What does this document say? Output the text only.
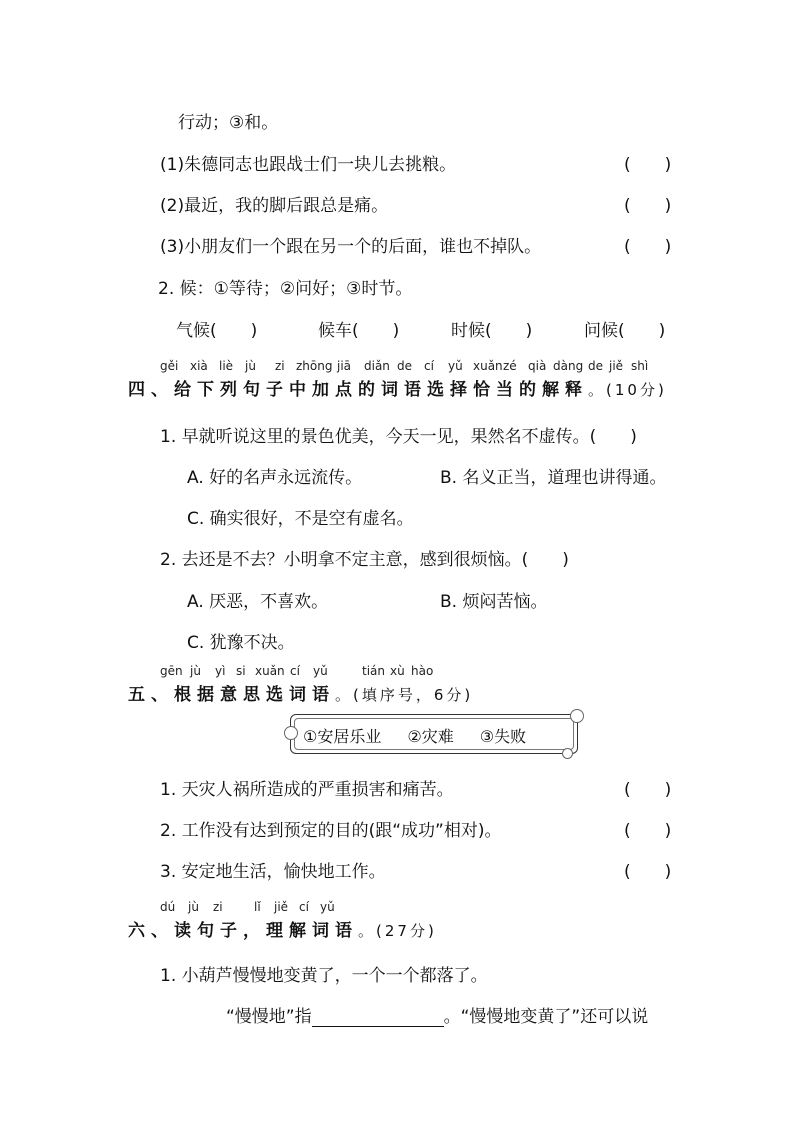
行动；③和。
(1)朱德同志也跟战士们一块儿去挑粮。	(　　)
(2)最近，我的脚后跟总是痛。	(　　)
(3)小朋友们一个跟在另一个的后面，谁也不掉队。	(　　)
2. 候：①等待；②问好；③时节。
气候(　　)	候车(　　)	时候(　　)	问候(　　)
gěi xià liè jù zi zhōng jiā diǎn de cí yǔ xuǎn zé qià dàng de jiě shì
四、给下列句子中加点的词语选择恰当的解释。(10分)
1. 早就听说这里的景色优美，今天一见，果然名不虚传。(　　)
A. 好的名声永远流传。	B. 名义正当，道理也讲得通。
C. 确实很好，不是空有虚名。
2. 去还是不去？小明拿不定主意，感到很烦恼。(　　)
A. 厌恶，不喜欢。	B. 烦闷苦恼。
C. 犹豫不决。
gēn jù yì si xuǎn cí yǔ	tián xù hào
五、根据意思选词语。(填序号，6分)
①安居乐业 ②灾难 ③失败
1. 天灾人祸所造成的严重损害和痛苦。	(　　)
2. 工作没有达到预定的目的(跟“成功”相对)。	(　　)
3. 安定地生活，愉快地工作。	(　　)
dú jù zi	lǐ jiě cí yǔ
六、读句子，理解词语。(27分)
1. 小葫芦慢慢地变黄了，一个一个都落了。
“慢慢地”指	。“慢慢地变黄了”还可以说
